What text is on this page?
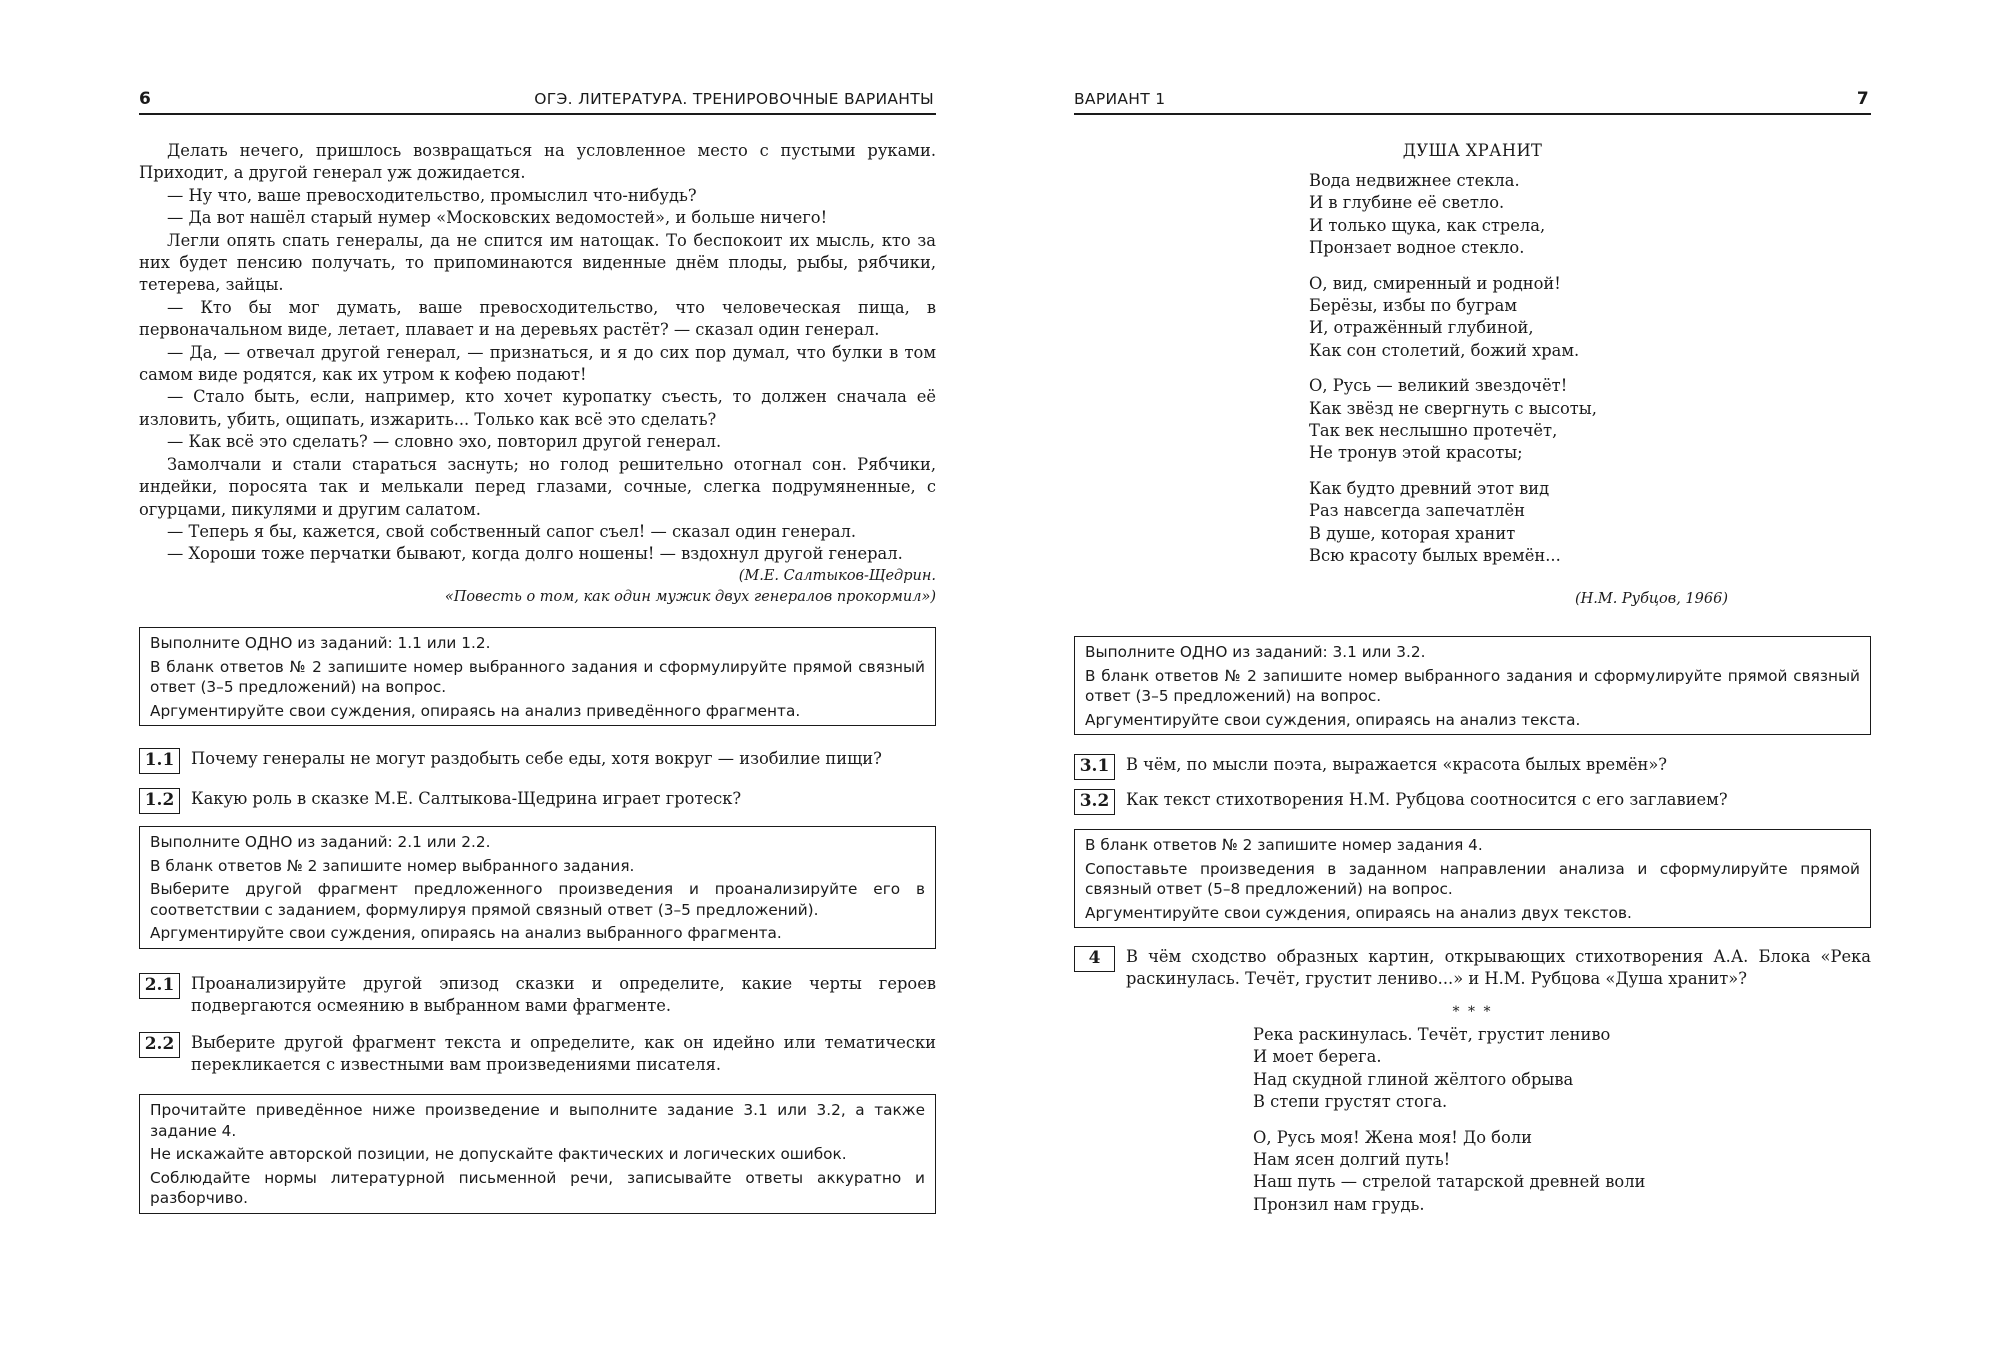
6	ОГЭ. ЛИТЕРАТУРА. ТРЕНИРОВОЧНЫЕ ВАРИАНТЫ

Делать нечего, пришлось возвращаться на условленное место с пустыми руками. Приходит, а другой генерал уж дожидается.

— Ну что, ваше превосходительство, промыслил что-нибудь?

— Да вот нашёл старый нумер «Московских ведомостей», и больше ничего!

Легли опять спать генералы, да не спится им натощак. То беспокоит их мысль, кто за них будет пенсию получать, то припоминаются виденные днём плоды, рыбы, рябчики, тетерева, зайцы.

— Кто бы мог думать, ваше превосходительство, что человеческая пища, в первоначальном виде, летает, плавает и на деревьях растёт? — сказал один генерал.

— Да, — отвечал другой генерал, — признаться, и я до сих пор думал, что булки в том самом виде родятся, как их утром к кофею подают!

— Стало быть, если, например, кто хочет куропатку съесть, то должен сначала её изловить, убить, ощипать, изжарить... Только как всё это сделать?

— Как всё это сделать? — словно эхо, повторил другой генерал.

Замолчали и стали стараться заснуть; но голод решительно отогнал сон. Рябчики, индейки, поросята так и мелькали перед глазами, сочные, слегка подрумяненные, с огурцами, пикулями и другим салатом.

— Теперь я бы, кажется, свой собственный сапог съел! — сказал один генерал.

— Хороши тоже перчатки бывают, когда долго ношены! — вздохнул другой генерал.

(М.Е. Салтыков-Щедрин.
«Повесть о том, как один мужик двух генералов прокормил»)

Выполните ОДНО из заданий: 1.1 или 1.2.

В бланк ответов № 2 запишите номер выбранного задания и сформулируйте прямой связный ответ (3–5 предложений) на вопрос.

Аргументируйте свои суждения, опираясь на анализ приведённого фрагмента.

1.1	Почему генералы не могут раздобыть себе еды, хотя вокруг — изобилие пищи?
1.2	Какую роль в сказке М.Е. Салтыкова-Щедрина играет гротеск?

Выполните ОДНО из заданий: 2.1 или 2.2.

В бланк ответов № 2 запишите номер выбранного задания.

Выберите другой фрагмент предложенного произведения и проанализируйте его в соответствии с заданием, формулируя прямой связный ответ (3–5 предложений).

Аргументируйте свои суждения, опираясь на анализ выбранного фрагмента.

2.1	Проанализируйте другой эпизод сказки и определите, какие черты героев подвергаются осмеянию в выбранном вами фрагменте.
2.2	Выберите другой фрагмент текста и определите, как он идейно или тематически перекликается с известными вам произведениями писателя.

Прочитайте приведённое ниже произведение и выполните задание 3.1 или 3.2, а также задание 4.

Не искажайте авторской позиции, не допускайте фактических и логических ошибок.

Соблюдайте нормы литературной письменной речи, записывайте ответы аккуратно и разборчиво.

ВАРИАНТ 1	7
ДУША ХРАНИТ
Вода недвижнее стекла.
И в глубине её светло.
И только щука, как стрела,
Пронзает водное стекло.
О, вид, смиренный и родной!
Берёзы, избы по буграм
И, отражённый глубиной,
Как сон столетий, божий храм.
О, Русь — великий звездочёт!
Как звёзд не свергнуть с высоты,
Так век неслышно протечёт,
Не тронув этой красоты;
Как будто древний этот вид
Раз навсегда запечатлён
В душе, которая хранит
Всю красоту былых времён...
(Н.М. Рубцов, 1966)

Выполните ОДНО из заданий: 3.1 или 3.2.

В бланк ответов № 2 запишите номер выбранного задания и сформулируйте прямой связный ответ (3–5 предложений) на вопрос.

Аргументируйте свои суждения, опираясь на анализ текста.

3.1	В чём, по мысли поэта, выражается «красота былых времён»?
3.2	Как текст стихотворения Н.М. Рубцова соотносится с его заглавием?

В бланк ответов № 2 запишите номер задания 4.

Сопоставьте произведения в заданном направлении анализа и сформулируйте прямой связный ответ (5–8 предложений) на вопрос.

Аргументируйте свои суждения, опираясь на анализ двух текстов.

4	В чём сходство образных картин, открывающих стихотворения А.А. Блока «Река раскинулась. Течёт, грустит лениво...» и Н.М. Рубцова «Душа хранит»?
* * *
Река раскинулась. Течёт, грустит лениво
И моет берега.
Над скудной глиной жёлтого обрыва
В степи грустят стога.
О, Русь моя! Жена моя! До боли
Нам ясен долгий путь!
Наш путь — стрелой татарской древней воли
Пронзил нам грудь.
